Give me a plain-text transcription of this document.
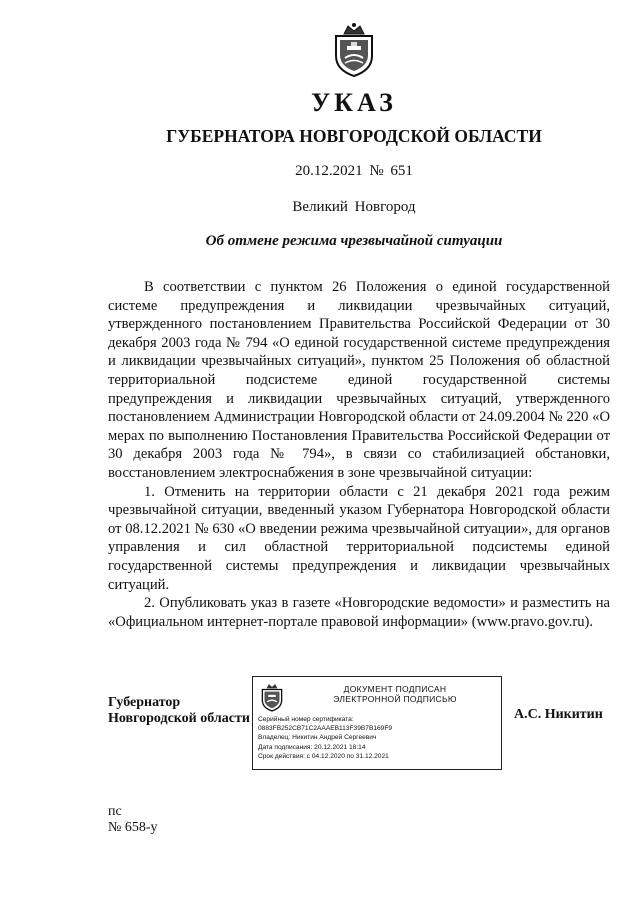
УКАЗ
ГУБЕРНАТОРА НОВГОРОДСКОЙ ОБЛАСТИ
20.12.2021 № 651
Великий Новгород
Об отмене режима чрезвычайной ситуации

В соответствии с пунктом 26 Положения о единой государственной системе предупреждения и ликвидации чрезвычайных ситуаций, утвержденного постановлением Правительства Российской Федерации от 30 декабря 2003 года № 794 «О единой государственной системе предупреждения и ликвидации чрезвычайных ситуаций», пунктом 25 Положения об областной территориальной подсистеме единой государственной системы предупреждения и ликвидации чрезвычайных ситуаций, утвержденного постановлением Администрации Новгородской области от 24.09.2004 № 220 «О мерах по выполнению Постановления Правительства Российской Федерации от 30 декабря 2003 года № 794», в связи со стабилизацией обстановки, восстановлением электроснабжения в зоне чрезвычайной ситуации:

1. Отменить на территории области с 21 декабря 2021 года режим чрезвычайной ситуации, введенный указом Губернатора Новгородской области от 08.12.2021 № 630 «О введении режима чрезвычайной ситуации», для органов управления и сил областной территориальной подсистемы единой государственной системы предупреждения и ликвидации чрезвычайных ситуаций.

2. Опубликовать указ в газете «Новгородские ведомости» и разместить на «Официальном интернет-портале правовой информации» (www.pravo.gov.ru).

Губернатор
Новгородской области
ДОКУМЕНТ ПОДПИСАН
ЭЛЕКТРОННОЙ ПОДПИСЬЮ
Серийный номер сертификата:
0883FB252CB71C2AAAEB113F39B7B169F9
Владелец: Никитин Андрей Сергеевич
Дата подписания: 20.12.2021 18:14
Срок действия: с 04.12.2020 по 31.12.2021
А.С. Никитин
пс
№ 658-у
